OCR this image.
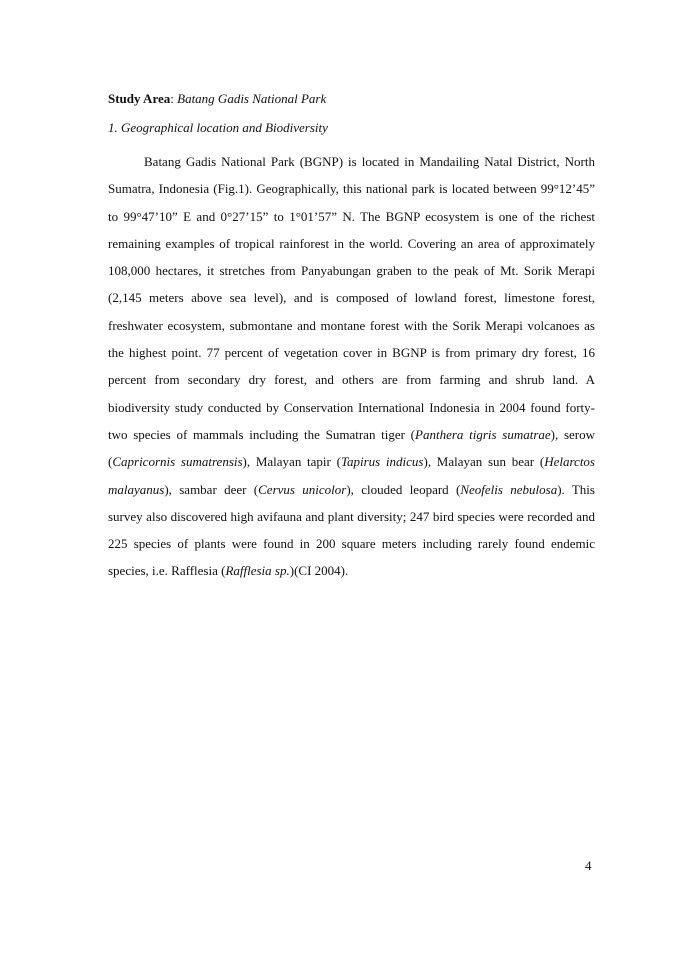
Study Area: Batang Gadis National Park
1. Geographical location and Biodiversity

Batang Gadis National Park (BGNP) is located in Mandailing Natal District, North Sumatra, Indonesia (Fig.1). Geographically, this national park is located between 99°12’45” to 99°47’10” E and 0°27’15” to 1°01’57” N. The BGNP ecosystem is one of the richest remaining examples of tropical rainforest in the world. Covering an area of approximately 108,000 hectares, it stretches from Panyabungan graben to the peak of Mt. Sorik Merapi (2,145 meters above sea level), and is composed of lowland forest, limestone forest, freshwater ecosystem, submontane and montane forest with the Sorik Merapi volcanoes as the highest point. 77 percent of vegetation cover in BGNP is from primary dry forest, 16 percent from secondary dry forest, and others are from farming and shrub land. A biodiversity study conducted by Conservation International Indonesia in 2004 found forty-two species of mammals including the Sumatran tiger (Panthera tigris sumatrae), serow (Capricornis sumatrensis), Malayan tapir (Tapirus indicus), Malayan sun bear (Helarctos malayanus), sambar deer (Cervus unicolor), clouded leopard (Neofelis nebulosa). This survey also discovered high avifauna and plant diversity; 247 bird species were recorded and 225 species of plants were found in 200 square meters including rarely found endemic species, i.e. Rafflesia (Rafflesia sp.)(CI 2004).

4
